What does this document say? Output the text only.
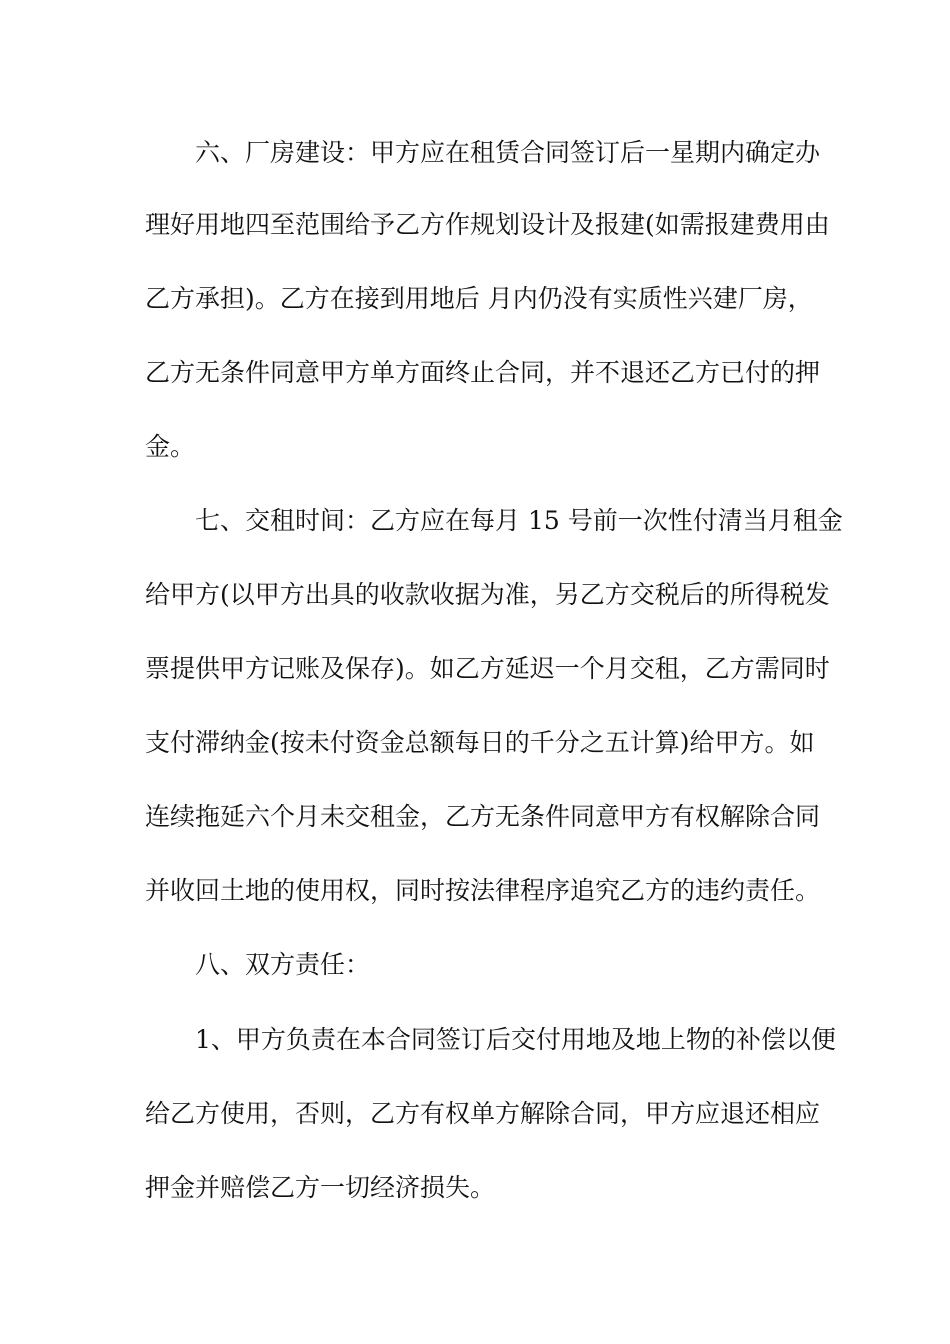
六、厂房建设：甲方应在租赁合同签订后一星期内确定办
理好用地四至范围给予乙方作规划设计及报建(如需报建费用由
乙方承担)。乙方在接到用地后 月内仍没有实质性兴建厂房，
乙方无条件同意甲方单方面终止合同，并不退还乙方已付的押
金。
七、交租时间：乙方应在每月 15 号前一次性付清当月租金
给甲方(以甲方出具的收款收据为准，另乙方交税后的所得税发
票提供甲方记账及保存)。如乙方延迟一个月交租，乙方需同时
支付滞纳金(按未付资金总额每日的千分之五计算)给甲方。如
连续拖延六个月未交租金，乙方无条件同意甲方有权解除合同
并收回土地的使用权，同时按法律程序追究乙方的违约责任。
八、双方责任：
1、甲方负责在本合同签订后交付用地及地上物的补偿以便
给乙方使用，否则，乙方有权单方解除合同，甲方应退还相应
押金并赔偿乙方一切经济损失。
